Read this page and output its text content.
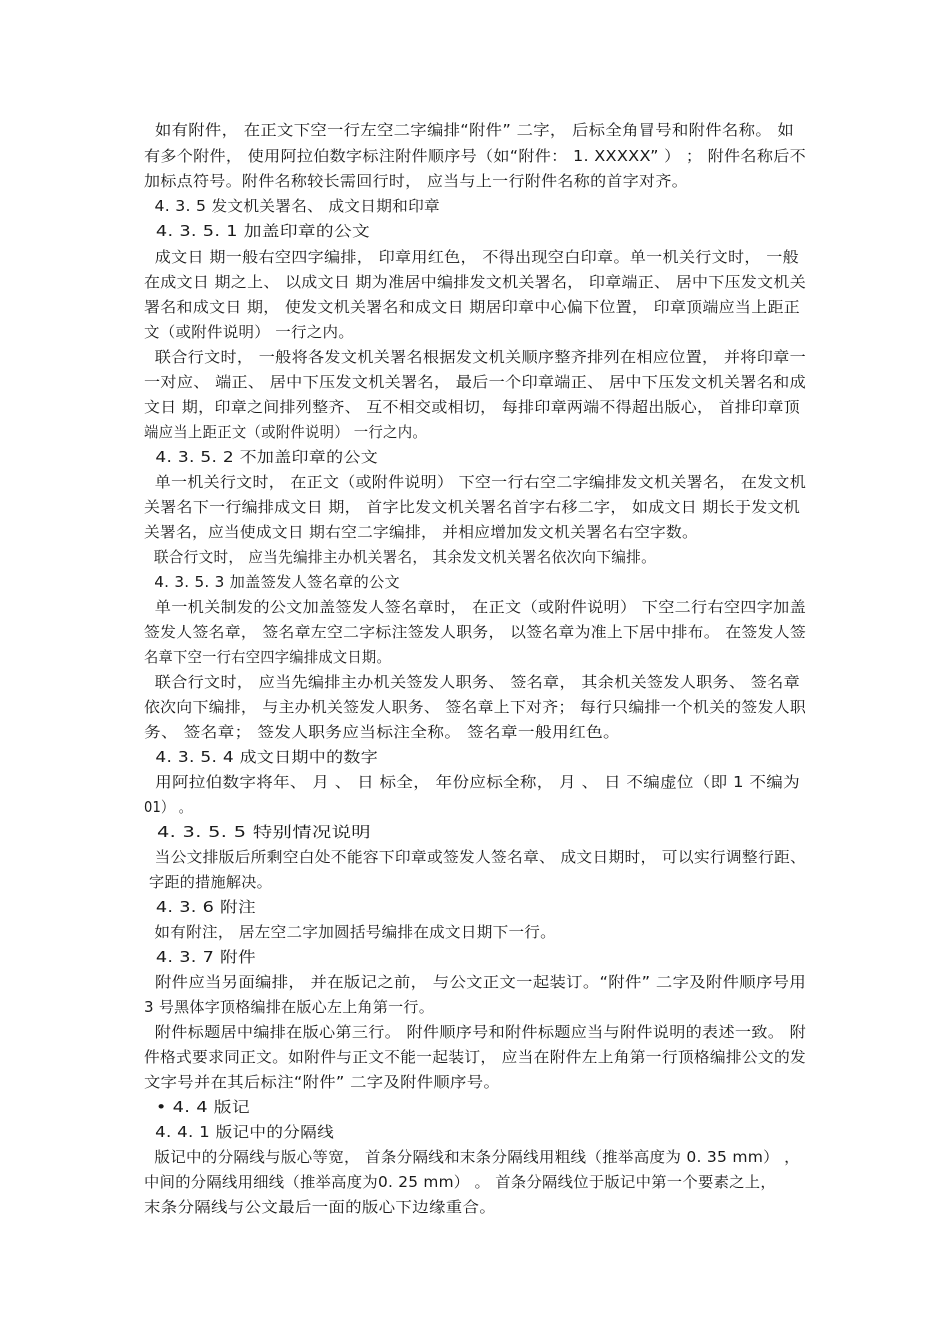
如有附件， 在正文下空一行左空二字编排“附件” 二字， 后标全角冒号和附件名称。 如
有多个附件， 使用阿拉伯数字标注附件顺序号（如“附件： 1. XXXXX” ） ； 附件名称后不
加标点符号。附件名称较长需回行时， 应当与上一行附件名称的首字对齐。
4. 3. 5 发文机关署名、 成文日期和印章
4. 3. 5. 1 加盖印章的公文
成文日 期一般右空四字编排， 印章用红色， 不得出现空白印章。单一机关行文时， 一般
在成文日 期之上、 以成文日 期为准居中编排发文机关署名， 印章端正、 居中下压发文机关
署名和成文日 期， 使发文机关署名和成文日 期居印章中心偏下位置， 印章顶端应当上距正
文（或附件说明） 一行之内。
联合行文时， 一般将各发文机关署名根据发文机关顺序整齐排列在相应位置， 并将印章一
一对应、 端正、 居中下压发文机关署名， 最后一个印章端正、 居中下压发文机关署名和成
文日 期，印章之间排列整齐、 互不相交或相切， 每排印章两端不得超出版心， 首排印章顶
端应当上距正文（或附件说明） 一行之内。
4. 3. 5. 2 不加盖印章的公文
单一机关行文时， 在正文（或附件说明） 下空一行右空二字编排发文机关署名， 在发文机
关署名下一行编排成文日 期， 首字比发文机关署名首字右移二字， 如成文日 期长于发文机
关署名，应当使成文日 期右空二字编排， 并相应增加发文机关署名右空字数。
联合行文时， 应当先编排主办机关署名， 其余发文机关署名依次向下编排。
4. 3. 5. 3 加盖签发人签名章的公文
单一机关制发的公文加盖签发人签名章时， 在正文（或附件说明） 下空二行右空四字加盖
签发人签名章， 签名章左空二字标注签发人职务， 以签名章为准上下居中排布。 在签发人签
名章下空一行右空四字编排成文日期。
联合行文时， 应当先编排主办机关签发人职务、 签名章， 其余机关签发人职务、 签名章
依次向下编排， 与主办机关签发人职务、 签名章上下对齐； 每行只编排一个机关的签发人职
务、 签名章； 签发人职务应当标注全称。 签名章一般用红色。
4. 3. 5. 4 成文日期中的数字
用阿拉伯数字将年、 月 、 日 标全， 年份应标全称， 月 、 日 不编虚位（即 1 不编为
01） 。
4. 3. 5. 5 特别情况说明
当公文排版后所剩空白处不能容下印章或签发人签名章、 成文日期时， 可以实行调整行距、
字距的措施解决。
4. 3. 6 附注
如有附注， 居左空二字加圆括号编排在成文日期下一行。
4. 3. 7 附件
附件应当另面编排， 并在版记之前， 与公文正文一起装订。“附件” 二字及附件顺序号用
3 号黑体字顶格编排在版心左上角第一行。
附件标题居中编排在版心第三行。 附件顺序号和附件标题应当与附件说明的表述一致。 附
件格式要求同正文。如附件与正文不能一起装订， 应当在附件左上角第一行顶格编排公文的发
文字号并在其后标注“附件” 二字及附件顺序号。
• 4. 4 版记
4. 4. 1 版记中的分隔线
版记中的分隔线与版心等宽， 首条分隔线和末条分隔线用粗线（推举高度为 0. 35 mm） ，
中间的分隔线用细线（推举高度为0. 25 mm） 。 首条分隔线位于版记中第一个要素之上，
末条分隔线与公文最后一面的版心下边缘重合。
